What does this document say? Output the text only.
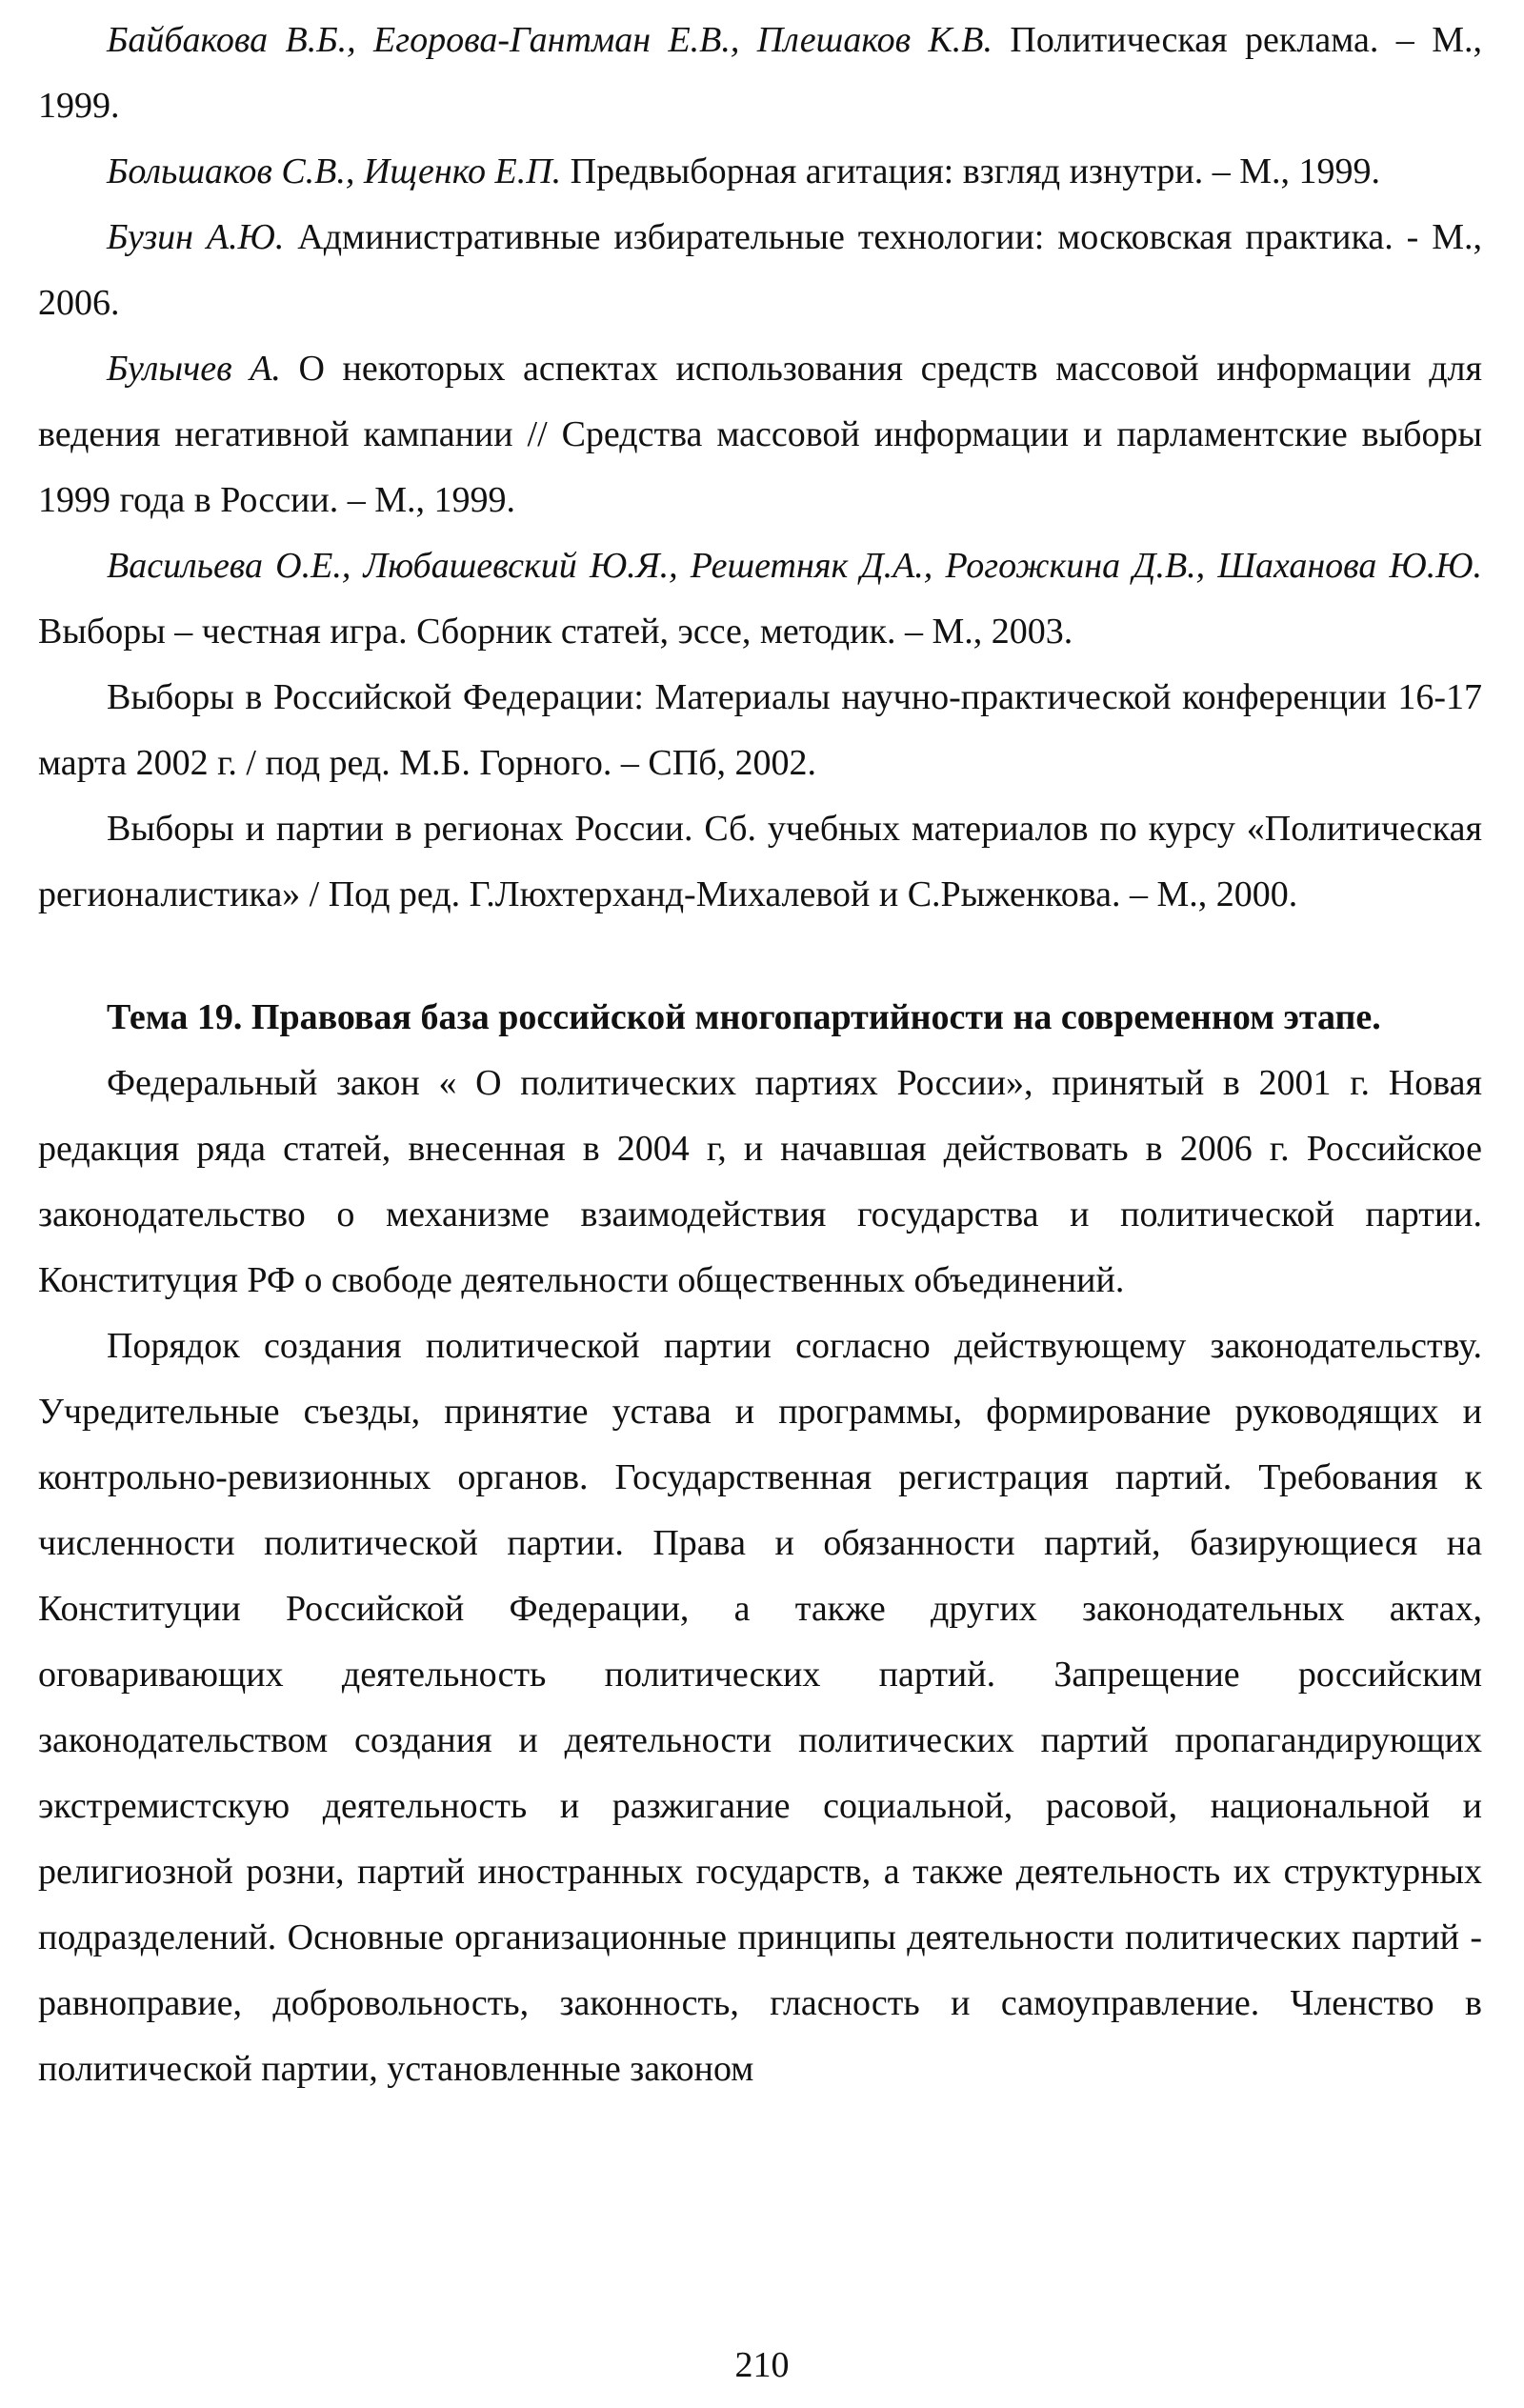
Байбакова В.Б., Егорова-Гантман Е.В., Плешаков К.В. Политическая реклама. – М., 1999.

Большаков С.В., Ищенко Е.П. Предвыборная агитация: взгляд изнутри. – М., 1999.

Бузин А.Ю. Административные избирательные технологии: московская практика. - М., 2006.

Булычев А. О некоторых аспектах использования средств массовой информации для ведения негативной кампании // Средства массовой информации и парламентские выборы 1999 года в России. – М., 1999.

Васильева О.Е., Любашевский Ю.Я., Решетняк Д.А., Рогожкина Д.В., Шаханова Ю.Ю. Выборы – честная игра. Сборник статей, эссе, методик. – М., 2003.

Выборы в Российской Федерации: Материалы научно-практической конференции 16-17 марта 2002 г. / под ред. М.Б. Горного. – СПб, 2002.

Выборы и партии в регионах России. Сб. учебных материалов по курсу «Политическая регионалистика» / Под ред. Г.Люхтерханд-Михалевой и С.Рыженкова. – М., 2000.

Тема 19. Правовая база российской многопартийности на современном этапе.

Федеральный закон « О политических партиях России», принятый в 2001 г. Новая редакция ряда статей, внесенная в 2004 г, и начавшая действовать в 2006 г. Российское законодательство о механизме взаимодействия государства и политической партии. Конституция РФ о свободе деятельности общественных объединений.

Порядок создания политической партии согласно действующему законодательству. Учредительные съезды, принятие устава и программы, формирование руководящих и контрольно-ревизионных органов. Государственная регистрация партий. Требования к численности политической партии. Права и обязанности партий, базирующиеся на Конституции Российской Федерации, а также других законодательных актах, оговаривающих деятельность политических партий. Запрещение российским законодательством создания и деятельности политических партий пропагандирующих экстремистскую деятельность и разжигание социальной, расовой, национальной и религиозной розни, партий иностранных государств, а также деятельность их структурных подразделений. Основные организационные принципы деятельности политических партий - равноправие, добровольность, законность, гласность и самоуправление. Членство в политической партии, установленные законом

210
